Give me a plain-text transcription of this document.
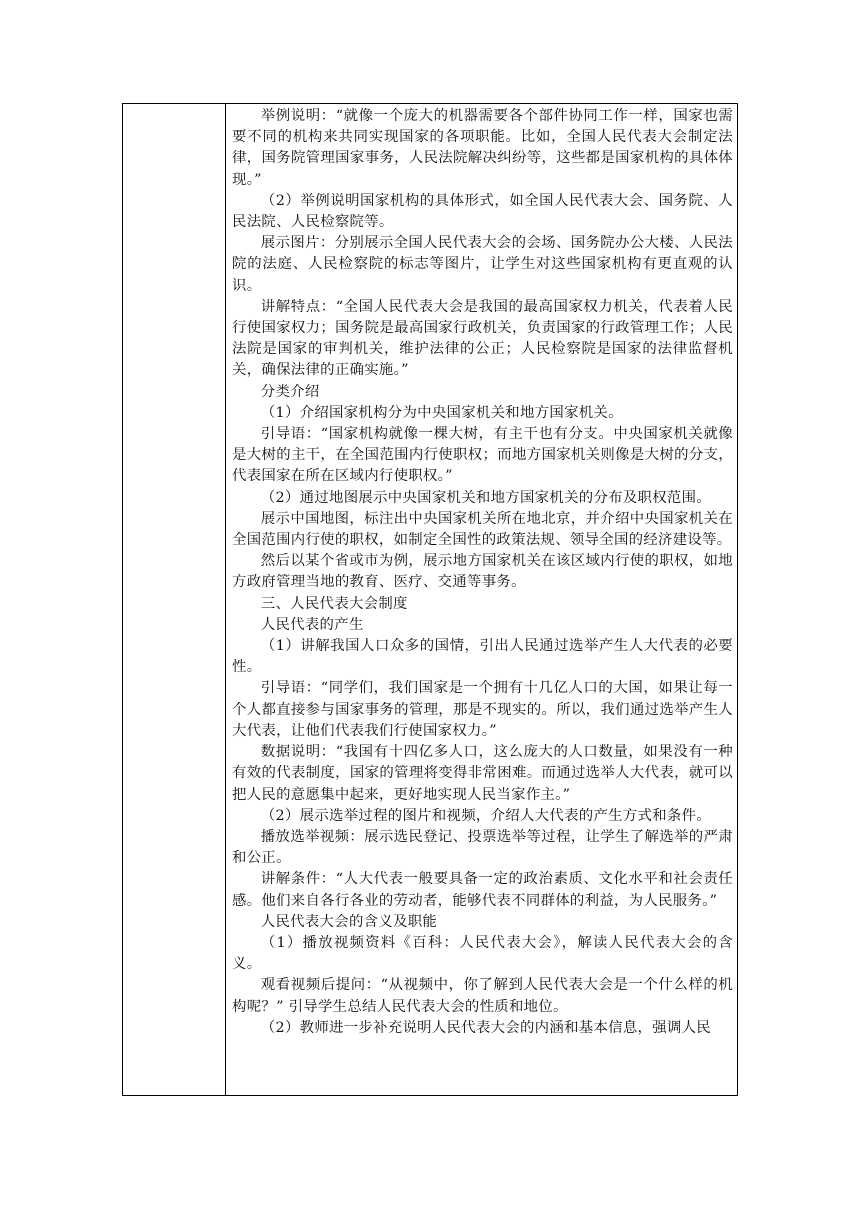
举例说明：“就像一个庞大的机器需要各个部件协同工作一样，国家也需要不同的机构来共同实现国家的各项职能。比如，全国人民代表大会制定法律，国务院管理国家事务，人民法院解决纠纷等，这些都是国家机构的具体体现。”

（2）举例说明国家机构的具体形式，如全国人民代表大会、国务院、人民法院、人民检察院等。

展示图片：分别展示全国人民代表大会的会场、国务院办公大楼、人民法院的法庭、人民检察院的标志等图片，让学生对这些国家机构有更直观的认识。

讲解特点：“全国人民代表大会是我国的最高国家权力机关，代表着人民行使国家权力；国务院是最高国家行政机关，负责国家的行政管理工作；人民法院是国家的审判机关，维护法律的公正；人民检察院是国家的法律监督机关，确保法律的正确实施。”

分类介绍

（1）介绍国家机构分为中央国家机关和地方国家机关。

引导语：“国家机构就像一棵大树，有主干也有分支。中央国家机关就像是大树的主干，在全国范围内行使职权；而地方国家机关则像是大树的分支，代表国家在所在区域内行使职权。”

（2）通过地图展示中央国家机关和地方国家机关的分布及职权范围。

展示中国地图，标注出中央国家机关所在地北京，并介绍中央国家机关在全国范围内行使的职权，如制定全国性的政策法规、领导全国的经济建设等。

然后以某个省或市为例，展示地方国家机关在该区域内行使的职权，如地方政府管理当地的教育、医疗、交通等事务。

三、人民代表大会制度

人民代表的产生

（1）讲解我国人口众多的国情，引出人民通过选举产生人大代表的必要性。

引导语：“同学们，我们国家是一个拥有十几亿人口的大国，如果让每一个人都直接参与国家事务的管理，那是不现实的。所以，我们通过选举产生人大代表，让他们代表我们行使国家权力。”

数据说明：“我国有十四亿多人口，这么庞大的人口数量，如果没有一种有效的代表制度，国家的管理将变得非常困难。而通过选举人大代表，就可以把人民的意愿集中起来，更好地实现人民当家作主。”

（2）展示选举过程的图片和视频，介绍人大代表的产生方式和条件。

播放选举视频：展示选民登记、投票选举等过程，让学生了解选举的严肃和公正。

讲解条件：“人大代表一般要具备一定的政治素质、文化水平和社会责任感。他们来自各行各业的劳动者，能够代表不同群体的利益，为人民服务。”

人民代表大会的含义及职能

（1）播放视频资料《百科：人民代表大会》，解读人民代表大会的含义。

观看视频后提问：“从视频中，你了解到人民代表大会是一个什么样的机构呢？” 引导学生总结人民代表大会的性质和地位。

（2）教师进一步补充说明人民代表大会的内涵和基本信息，强调人民
